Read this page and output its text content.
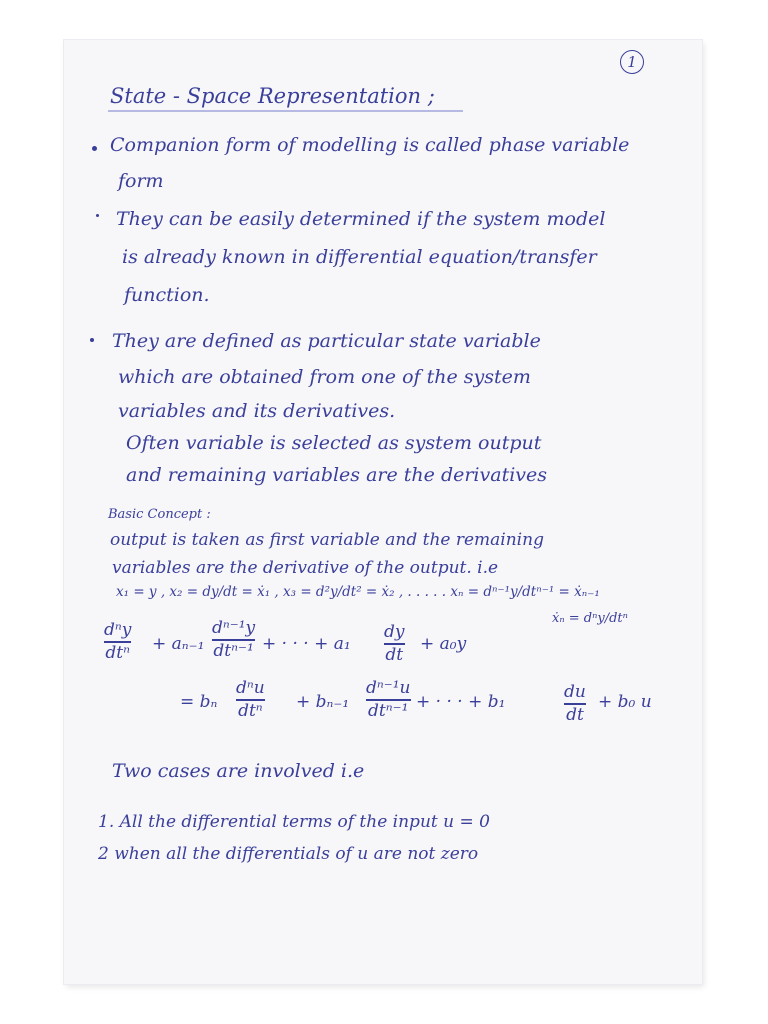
1
State - Space Representation ;
Companion form of modelling is called phase variable
form
They can be easily determined if the system model
is already known in differential equation/transfer
function.
They are defined as particular state variable
which are obtained from one of the system
variables and its derivatives.
Often variable is selected as system output
and remaining variables are the derivatives
Basic Concept :
output is taken as first variable and the remaining
variables are the derivative of the output. i.e
x₁ = y , x₂ = dy/dt = ẋ₁ , x₃ = d²y/dt² = ẋ₂ , . . . . . xₙ = dⁿ⁻¹y/dtⁿ⁻¹ = ẋₙ₋₁
ẋₙ = dⁿy/dtⁿ
dⁿy
dtⁿ + aₙ₋₁
dⁿ⁻¹y
dtⁿ⁻¹ + · · · + a₁
dy
dt
+ a₀y
= bₙ
dⁿu
dtⁿ + bₙ₋₁
dⁿ⁻¹u
dtⁿ⁻¹ + · · · + b₁	du
dt
+ b₀ u
Two cases are involved i.e
1. All the differential terms of the input u = 0
2 when all the differentials of u are not zero
